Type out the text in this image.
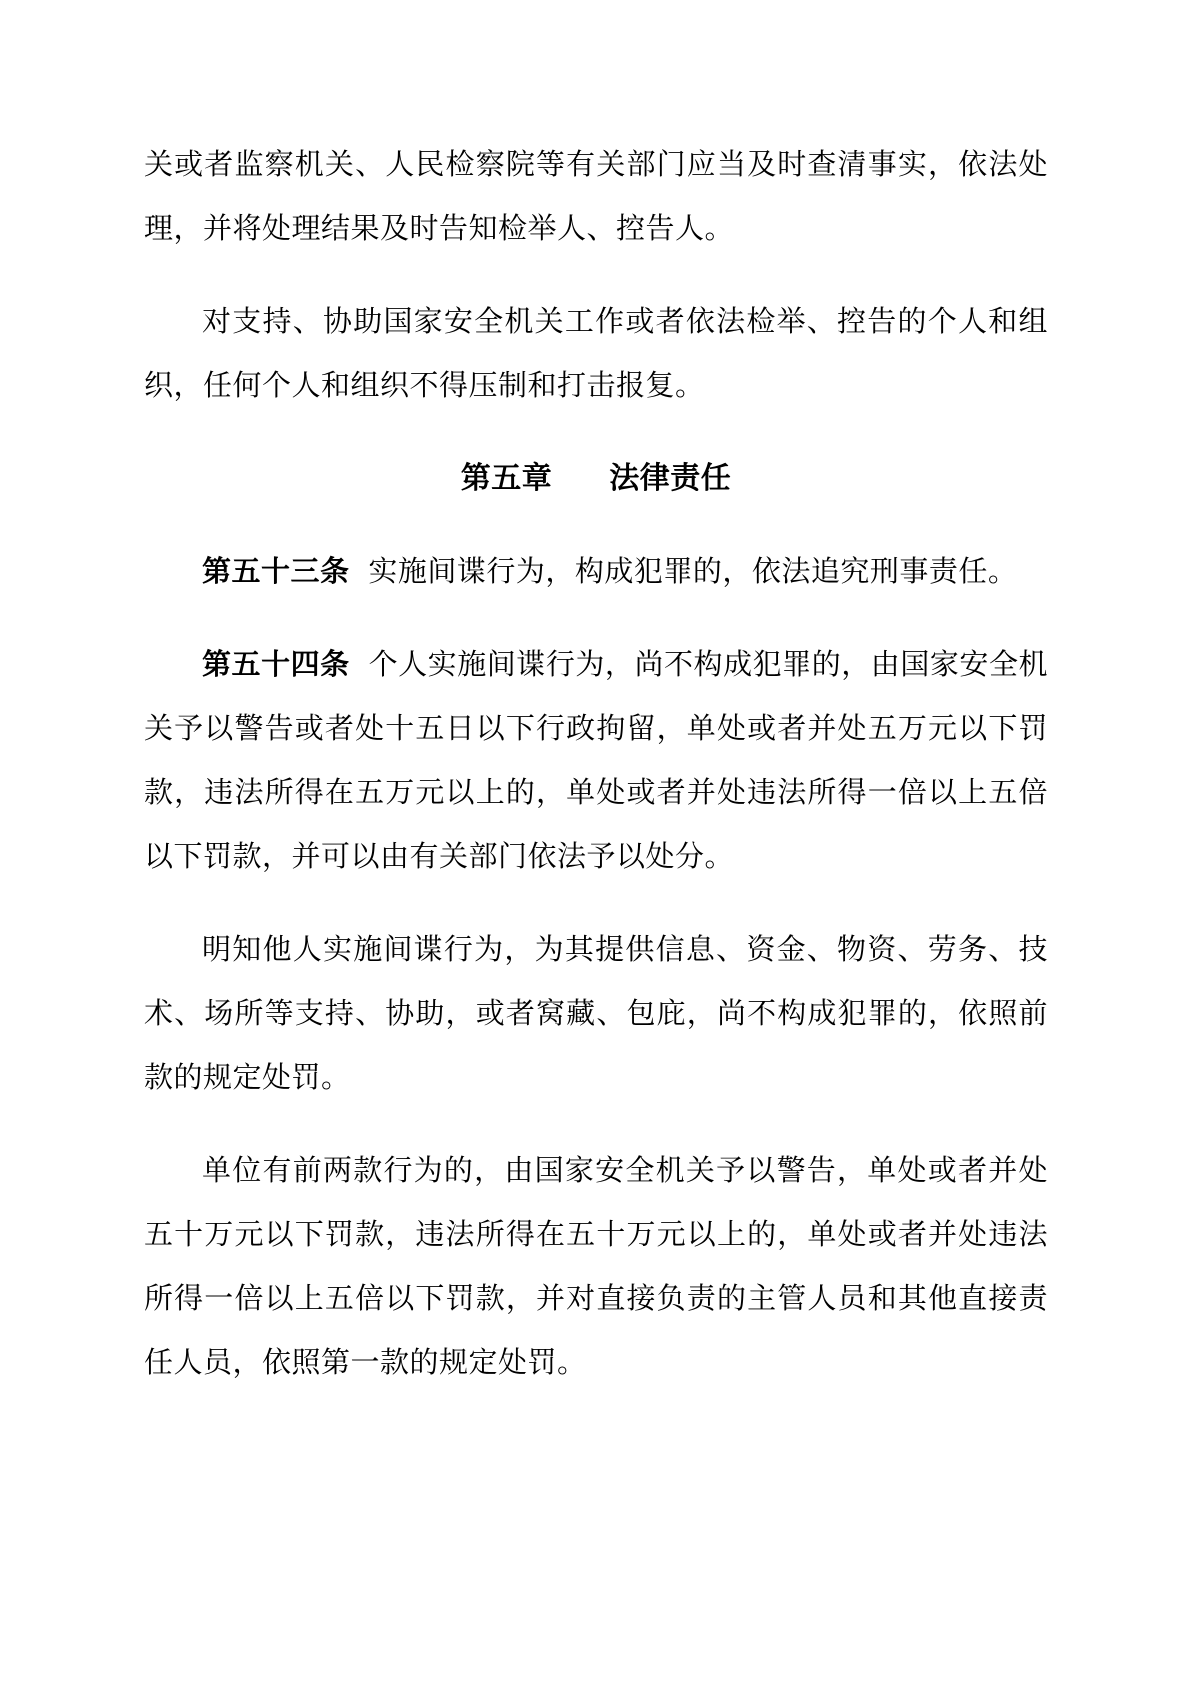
关或者监察机关、人民检察院等有关部门应当及时查清事实，依法处理，并将处理结果及时告知检举人、控告人。

对支持、协助国家安全机关工作或者依法检举、控告的个人和组织，任何个人和组织不得压制和打击报复。

第五章 法律责任

第五十三条 实施间谍行为，构成犯罪的，依法追究刑事责任。

第五十四条 个人实施间谍行为，尚不构成犯罪的，由国家安全机关予以警告或者处十五日以下行政拘留，单处或者并处五万元以下罚款，违法所得在五万元以上的，单处或者并处违法所得一倍以上五倍以下罚款，并可以由有关部门依法予以处分。

明知他人实施间谍行为，为其提供信息、资金、物资、劳务、技术、场所等支持、协助，或者窝藏、包庇，尚不构成犯罪的，依照前款的规定处罚。

单位有前两款行为的，由国家安全机关予以警告，单处或者并处五十万元以下罚款，违法所得在五十万元以上的，单处或者并处违法所得一倍以上五倍以下罚款，并对直接负责的主管人员和其他直接责任人员，依照第一款的规定处罚。
